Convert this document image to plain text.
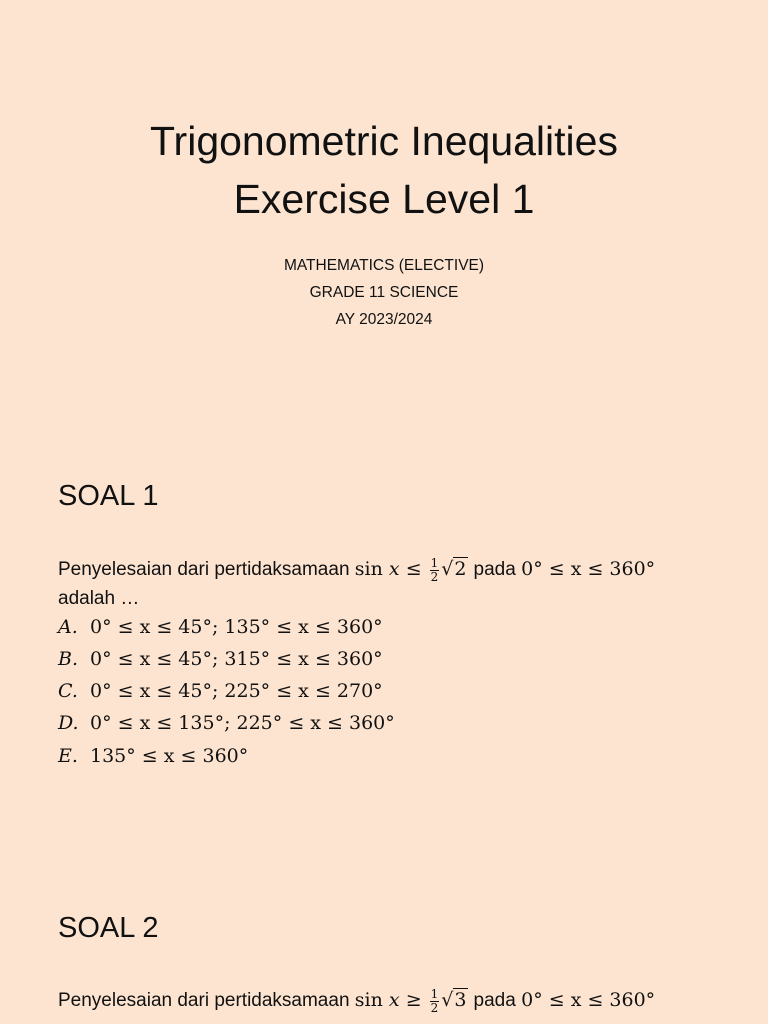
Trigonometric Inequalities
Exercise Level 1
MATHEMATICS (ELECTIVE)
GRADE 11 SCIENCE
AY 2023/2024
SOAL 1
Penyelesaian dari pertidaksamaan $\sin x \le \frac{1}{2} √2$ pada 0° ≤ x ≤ 360°
adalah …
A. 0° ≤ x ≤ 45°; 135° ≤ x ≤ 360°
B. 0° ≤ x ≤ 45°; 315° ≤ x ≤ 360°
C. 0° ≤ x ≤ 45°; 225° ≤ x ≤ 270°
D. 0° ≤ x ≤ 135°; 225° ≤ x ≤ 360°
E. 135° ≤ x ≤ 360°
SOAL 2
Penyelesaian dari pertidaksamaan $\sin x \ge \frac{1}{2} √3$ pada 0° ≤ x ≤ 360°
